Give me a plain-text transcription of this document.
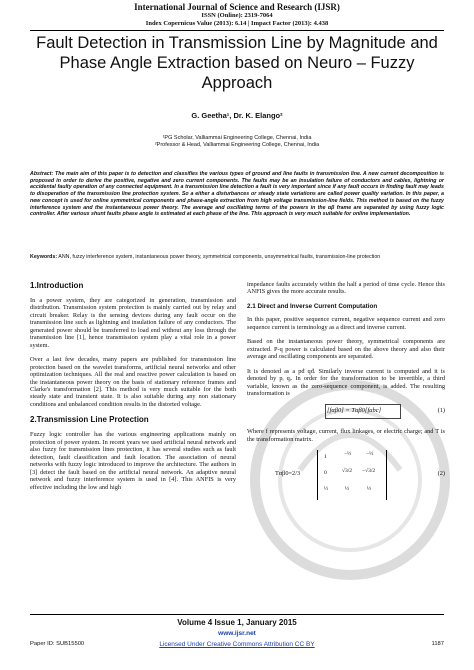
International Journal of Science and Research (IJSR)
ISSN (Online): 2319-7064
Index Copernicus Value (2013): 6.14 | Impact Factor (2013): 4.438
Fault Detection in Transmission Line by Magnitude and Phase Angle Extraction based on Neuro – Fuzzy Approach
G. Geetha¹, Dr. K. Elango²
¹PG Scholar, Valliammai Engineering College, Chennai, India
²Professor & Head, Valliammai Engineering College, Chennai, India
Abstract: The main aim of this paper is to detection and classifies the various types of ground and line faults in transmission line. A new current decomposition is proposed in order to derive the positive, negative and zero current components. The faults may be an insulation failure of conductors and cables, lightning or accidental faulty operation of any connected equipment. In a transmission line detection a fault is very important since if any fault occurs in finding fault may leads to disoperation of the transmission line protection system. So a either a disturbances or steady state variations are called power quality variation. In this paper, a new concept is used for online symmetrical components and phase-angle extraction from high voltage transmission-line fields. This method is based on the fuzzy interference system and the instantaneous power theory. The average and oscillating terms of the powers in the αβ frame are separated by using fuzzy logic controller. After various shunt faults phase angle is estimated at each phase of the line. This approach is very much suitable for online implementation.
Keywords: ANN, fuzzy interference system, instantaneous power theory, symmetrical components, unsymmetrical faults, transmission-line protection
1.Introduction

In a power system, they are categorized in generation, transmission and distribution. Transmission system protection is mainly carried out by relay and circuit breaker. Relay is the sensing devices during any fault occur on the transmission line such as lightning and insulation failure of any conductors. The generated power should be transferred to load end without any loss through the transmission line [1], hence transmission system play a vital role in a power system.

Over a last few decades, many papers are published for transmission line protection based on the wavelet transforms, artificial neural networks and other optimization techniques. All the real and reactive power calculation is based on the instantaneous power theory on the basis of stationary reference frames and Clarke's transformation [2]. This method is very much suitable for the both steady state and transient state. It is also suitable during any non stationary conditions and unbalanced condition results in the distorted voltage.

2.Transmission Line Protection

Fuzzy logic controller has the various engineering applications mainly on protection of power system. In recent years we used artificial neural network and also fuzzy for transmission lines protection, it has several studies such as fault detection, fault classification and fault location. The association of neural networks with fuzzy logic introduced to improve the architecture. The authors in [3] detect the fault based on the artificial neural network. An adaptive neural network and fuzzy interference system is used in [4]. This ANFIS is very effective including the low and high

impedance faults accurately within the half a period of time cycle. Hence this ANFIS gives the more accurate results.

2.1 Direct and Inverse Current Computation

In this paper, positive sequence current, negative sequence current and zero sequence current is terminology as a direct and inverse current.

Based on the instantaneous power theory, symmetrical components are extracted. P-q power is calculated based on the above theory and also their average and oscillating components are separated.

It is denoted as a pđ qđ. Similarly inverse current is computed and it is denoted by pᵢ qᵢ. In order for the transformation to be invertible, a third variable, known as the zero-sequence component, is added. The resulting transformation is

[fαβ0] = Tαβ0[fabc]	(1)

Where f represents voltage, current, flux linkages, or electric charge; and T is the transformation matrix.

Tαβ0=2/3
1	−½	−½
0	√3/2 −√3/2
½	½	½
(2)
Volume 4 Issue 1, January 2015
www.ijsr.net
Paper ID: SUB15500	Licensed Under Creative Commons Attribution CC BY	1187
